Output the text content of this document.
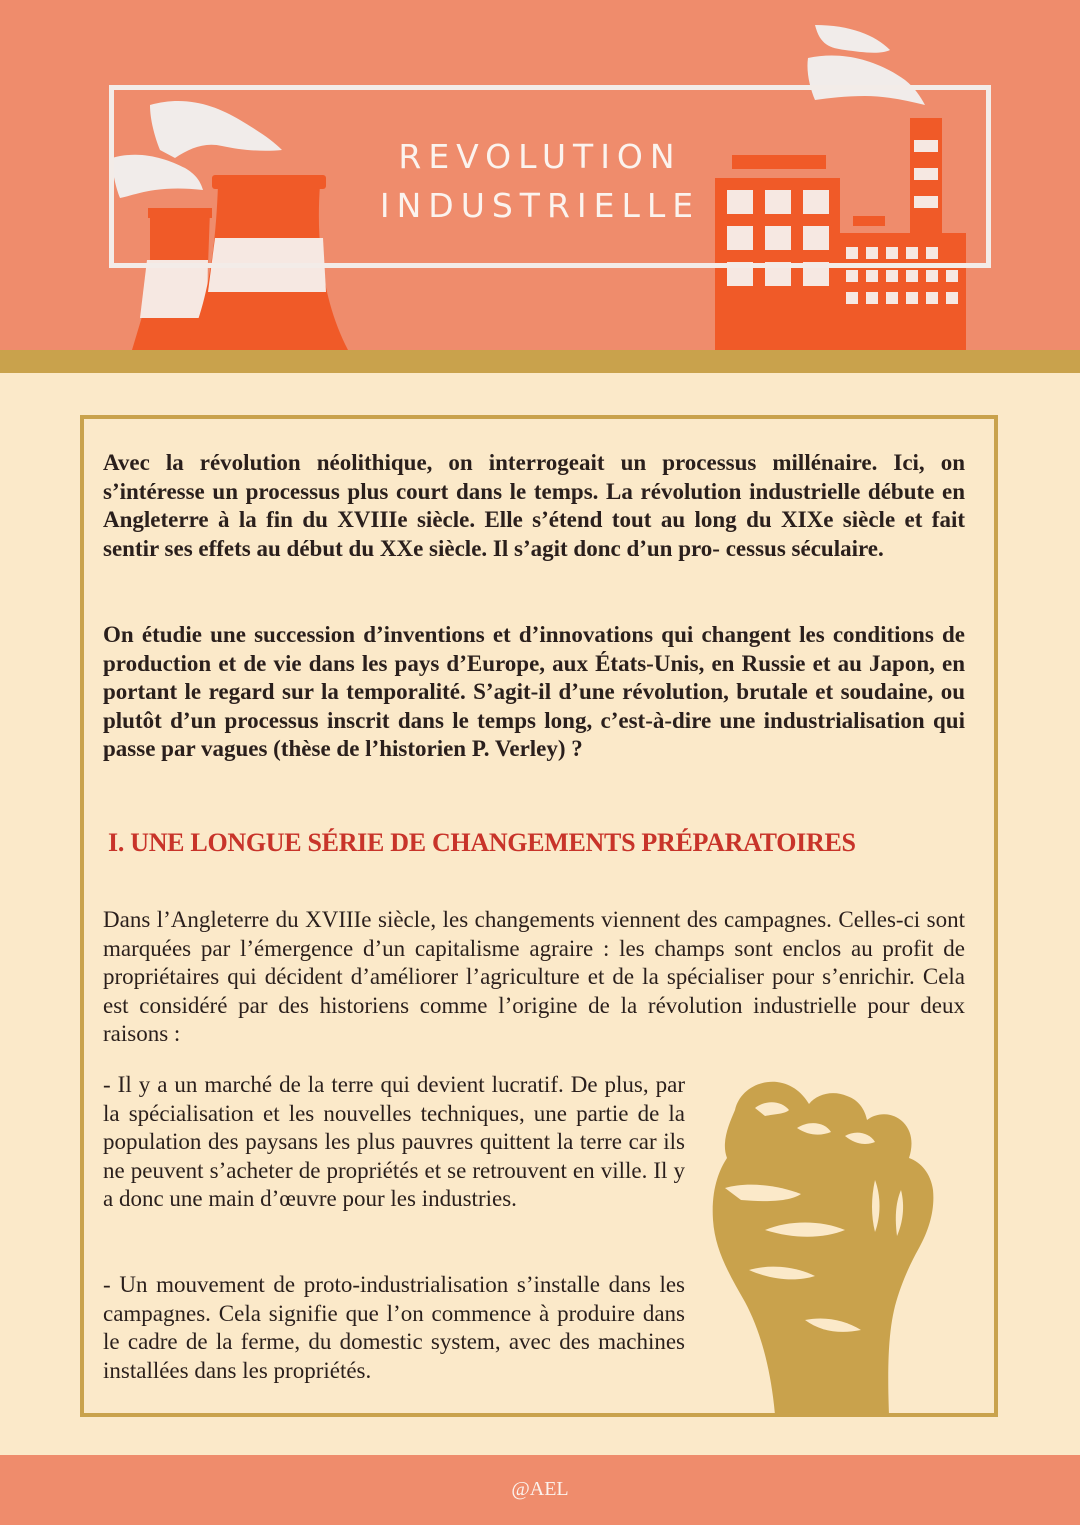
REVOLUTION
INDUSTRIELLE

Avec la révolution néolithique, on interrogeait un processus millénaire. Ici, on s’intéresse un processus plus court dans le temps. La révolution industrielle débute en Angleterre à la fin du XVIIIe siècle. Elle s’étend tout au long du XIXe siècle et fait sentir ses effets au début du XXe siècle. Il s’agit donc d’un pro- cessus séculaire.

On étudie une succession d’inventions et d’innovations qui changent les conditions de production et de vie dans les pays d’Europe, aux États-Unis, en Russie et au Japon, en portant le regard sur la temporalité. S’agit-il d’une révolution, brutale et soudaine, ou plutôt d’un processus inscrit dans le temps long, c’est-à-dire une industrialisation qui passe par vagues (thèse de l’historien P. Verley) ?

I. UNE LONGUE SÉRIE DE CHANGEMENTS PRÉPARATOIRES

Dans l’Angleterre du XVIIIe siècle, les changements viennent des campagnes. Celles-ci sont marquées par l’émergence d’un capitalisme agraire : les champs sont enclos au profit de propriétaires qui décident d’améliorer l’agriculture et de la spécialiser pour s’enrichir. Cela est considéré par des historiens comme l’origine de la révolution industrielle pour deux raisons :

- Il y a un marché de la terre qui devient lucratif. De plus, par la spécialisation et les nouvelles techniques, une partie de la population des paysans les plus pauvres quittent la terre car ils ne peuvent s’acheter de propriétés et se retrouvent en ville. Il y a donc une main d’œuvre pour les industries.

- Un mouvement de proto-industrialisation s’installe dans les campagnes. Cela signifie que l’on commence à produire dans le cadre de la ferme, du domestic system, avec des machines installées dans les propriétés.

@AEL
